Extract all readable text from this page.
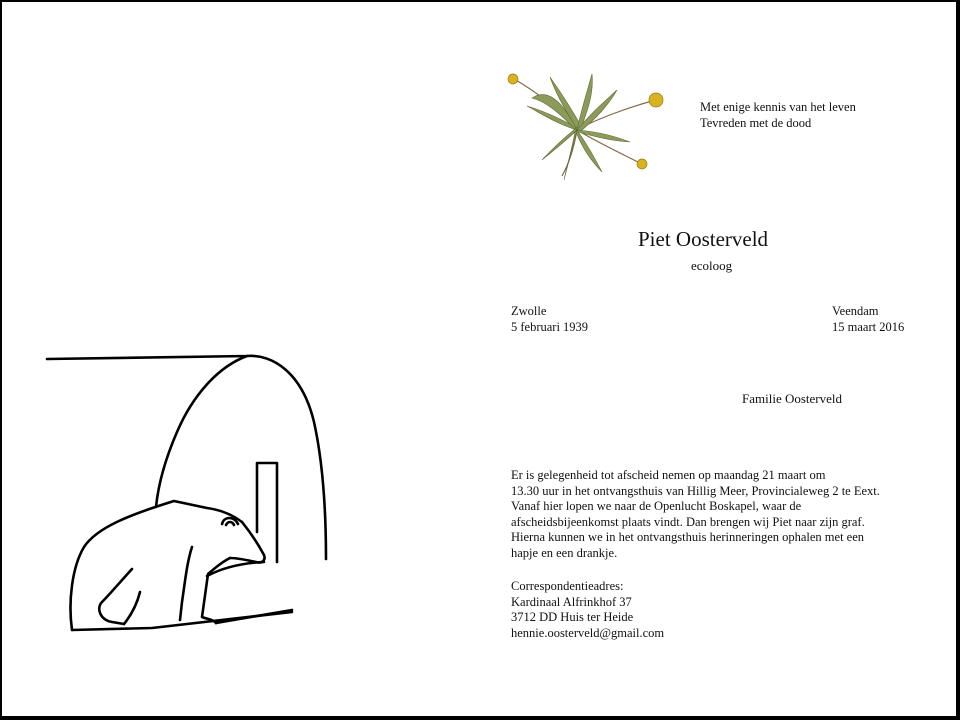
Met enige kennis van het leven
Tevreden met de dood
Piet Oosterveld
ecoloog
Zwolle
5 februari 1939
Veendam
15 maart 2016
Familie Oosterveld

Er is gelegenheid tot afscheid nemen op maandag 21 maart om

13.30 uur in het ontvangsthuis van Hillig Meer, Provincialeweg 2 te Eext.

Vanaf hier lopen we naar de Openlucht Boskapel, waar de

afscheidsbijeenkomst plaats vindt. Dan brengen wij Piet naar zijn graf.

Hierna kunnen we in het ontvangsthuis herinneringen ophalen met een

hapje en een drankje.

Correspondentieadres:
Kardinaal Alfrinkhof 37
3712 DD Huis ter Heide
hennie.oosterveld@gmail.com
